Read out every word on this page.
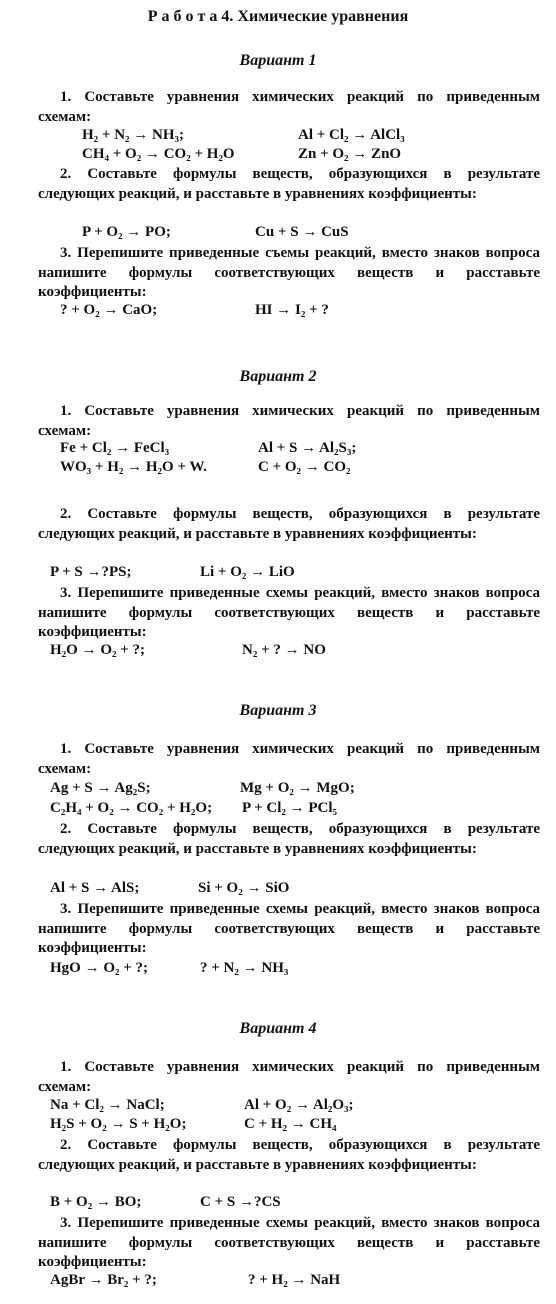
Р а б о т а 4. Химические уравнения
Вариант 1
1. Составьте уравнения химических реакций по приведенным схемам:
H₂ + N₂ → NH₃;	Al + Cl₂ → AlCl₃
CH₄ + O₂ → CO₂ + H₂O	Zn + O₂ → ZnO
2. Составьте формулы веществ, образующихся в результате следующих реакций, и расставьте в уравнениях коэффициенты:
P + O₂ → PO;	Cu + S → CuS
3. Перепишите приведенные съемы реакций, вместо знаков вопроса напишите формулы соответствующих веществ и расставьте коэффициенты:
? + O₂ → CaO;	HI → I₂ + ?
Вариант 2
1. Составьте уравнения химических реакций по приведенным схемам:
Fe + Cl₂ → FeCl₃	Al + S → Al₂S₃;
WO₃ + H₂ → H₂O + W.	C + O₂ → CO₂
2. Составьте формулы веществ, образующихся в результате следующих реакций, и расставьте в уравнениях коэффициенты:
P + S →?PS;	Li + O₂ → LiO
3. Перепишите приведенные схемы реакций, вместо знаков вопроса напишите формулы соответствующих веществ и расставьте коэффициенты:
H₂O → O₂ + ?;	N₂ + ? → NO
Вариант 3
1. Составьте уравнения химических реакций по приведенным схемам:
Ag + S → Ag₂S;	Mg + O₂ → MgO;
C₂H₄ + O₂ → CO₂ + H₂O; P + Cl₂ → PCl₅
2. Составьте формулы веществ, образующихся в результате следующих реакций, и расставьте в уравнениях коэффициенты:
Al + S → AlS;	Si + O₂ → SiO
3. Перепишите приведенные схемы реакций, вместо знаков вопроса напишите формулы соответствующих веществ и расставьте коэффициенты:
HgO → O₂ + ?;	? + N₂ → NH₃
Вариант 4
1. Составьте уравнения химических реакций по приведенным схемам:
Na + Cl₂ → NaCl;	Al + O₂ → Al₂O₃;
H₂S + O₂ → S + H₂O;	C + H₂ → CH₄
2. Составьте формулы веществ, образующихся в результате следующих реакций, и расставьте в уравнениях коэффициенты:
B + O₂ → BO;	C + S →?CS
3. Перепишите приведенные схемы реакций, вместо знаков вопроса напишите формулы соответствующих веществ и расставьте коэффициенты:
AgBr → Br₂ + ?;	? + H₂ → NaH
